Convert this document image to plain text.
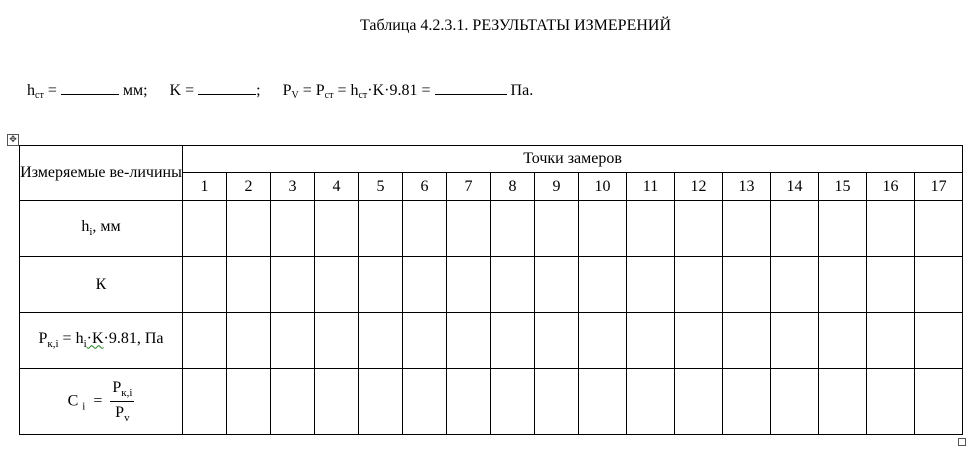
Таблица 4.2.3.1. РЕЗУЛЬТАТЫ ИЗМЕРЕНИЙ
$h_{ст}$ =	мм; K =	; $P_V = P_{ст} = h_{ст}\cdot K\cdot 9.81$ =	Па.
✥
Измеряемые ве-личины	Точки замеров																
	1	2	3	4	5	6	7	8	9	10	11	12	13	14	15	16	17
$h_i$, мм																	
К																	
$P_{к,i} = h_i\cdot K\cdot 9.81$, Па																	
C $_i = \frac{P_{к,i}}{P_v}$
